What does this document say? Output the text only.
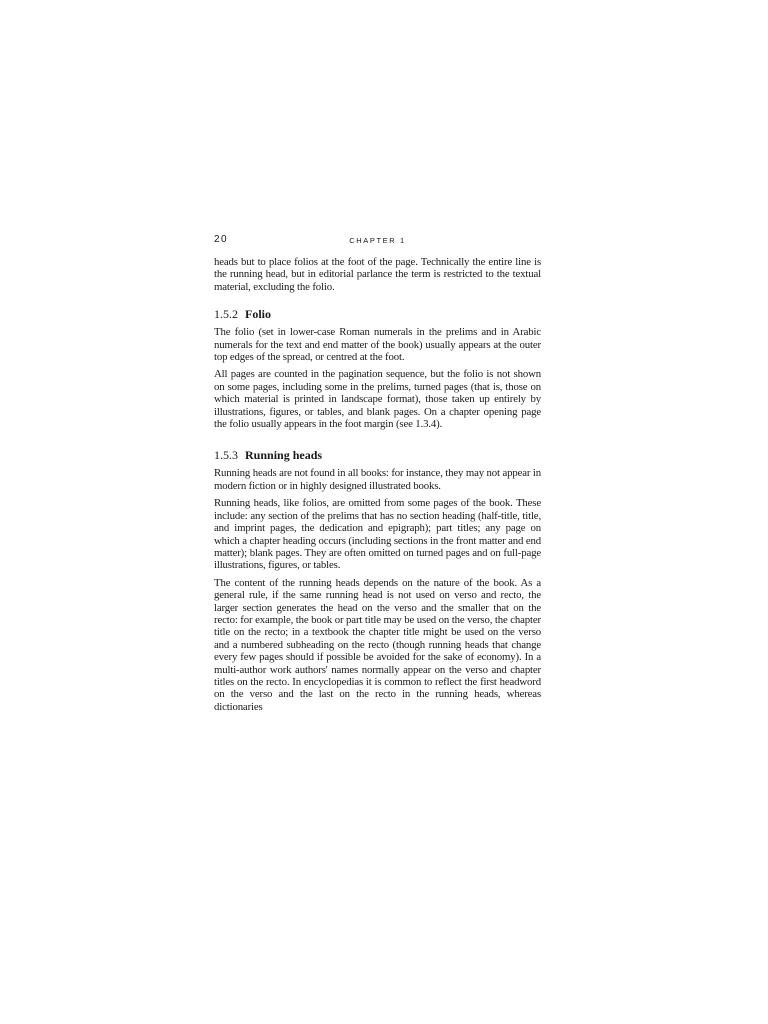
20	CHAPTER 1

heads but to place folios at the foot of the page. Technically the entire line is the running head, but in editorial parlance the term is restricted to the textual material, excluding the folio.

1.5.2 Folio

The folio (set in lower-case Roman numerals in the prelims and in Arabic numerals for the text and end matter of the book) usually appears at the outer top edges of the spread, or centred at the foot.

All pages are counted in the pagination sequence, but the folio is not shown on some pages, including some in the prelims, turned pages (that is, those on which material is printed in landscape format), those taken up entirely by illustrations, figures, or tables, and blank pages. On a chapter opening page the folio usually appears in the foot margin (see 1.3.4).

1.5.3 Running heads

Running heads are not found in all books: for instance, they may not appear in modern fiction or in highly designed illustrated books.

Running heads, like folios, are omitted from some pages of the book. These include: any section of the prelims that has no section heading (half-title, title, and imprint pages, the dedication and epigraph); part titles; any page on which a chapter heading occurs (including sections in the front matter and end matter); blank pages. They are often omitted on turned pages and on full-page illustrations, figures, or tables.

The content of the running heads depends on the nature of the book. As a general rule, if the same running head is not used on verso and recto, the larger section generates the head on the verso and the smaller that on the recto: for example, the book or part title may be used on the verso, the chapter title on the recto; in a textbook the chapter title might be used on the verso and a numbered subheading on the recto (though running heads that change every few pages should if possible be avoided for the sake of economy). In a multi-author work authors' names normally appear on the verso and chapter titles on the recto. In encyclopedias it is common to reflect the first headword on the verso and the last on the recto in the running heads, whereas dictionaries
